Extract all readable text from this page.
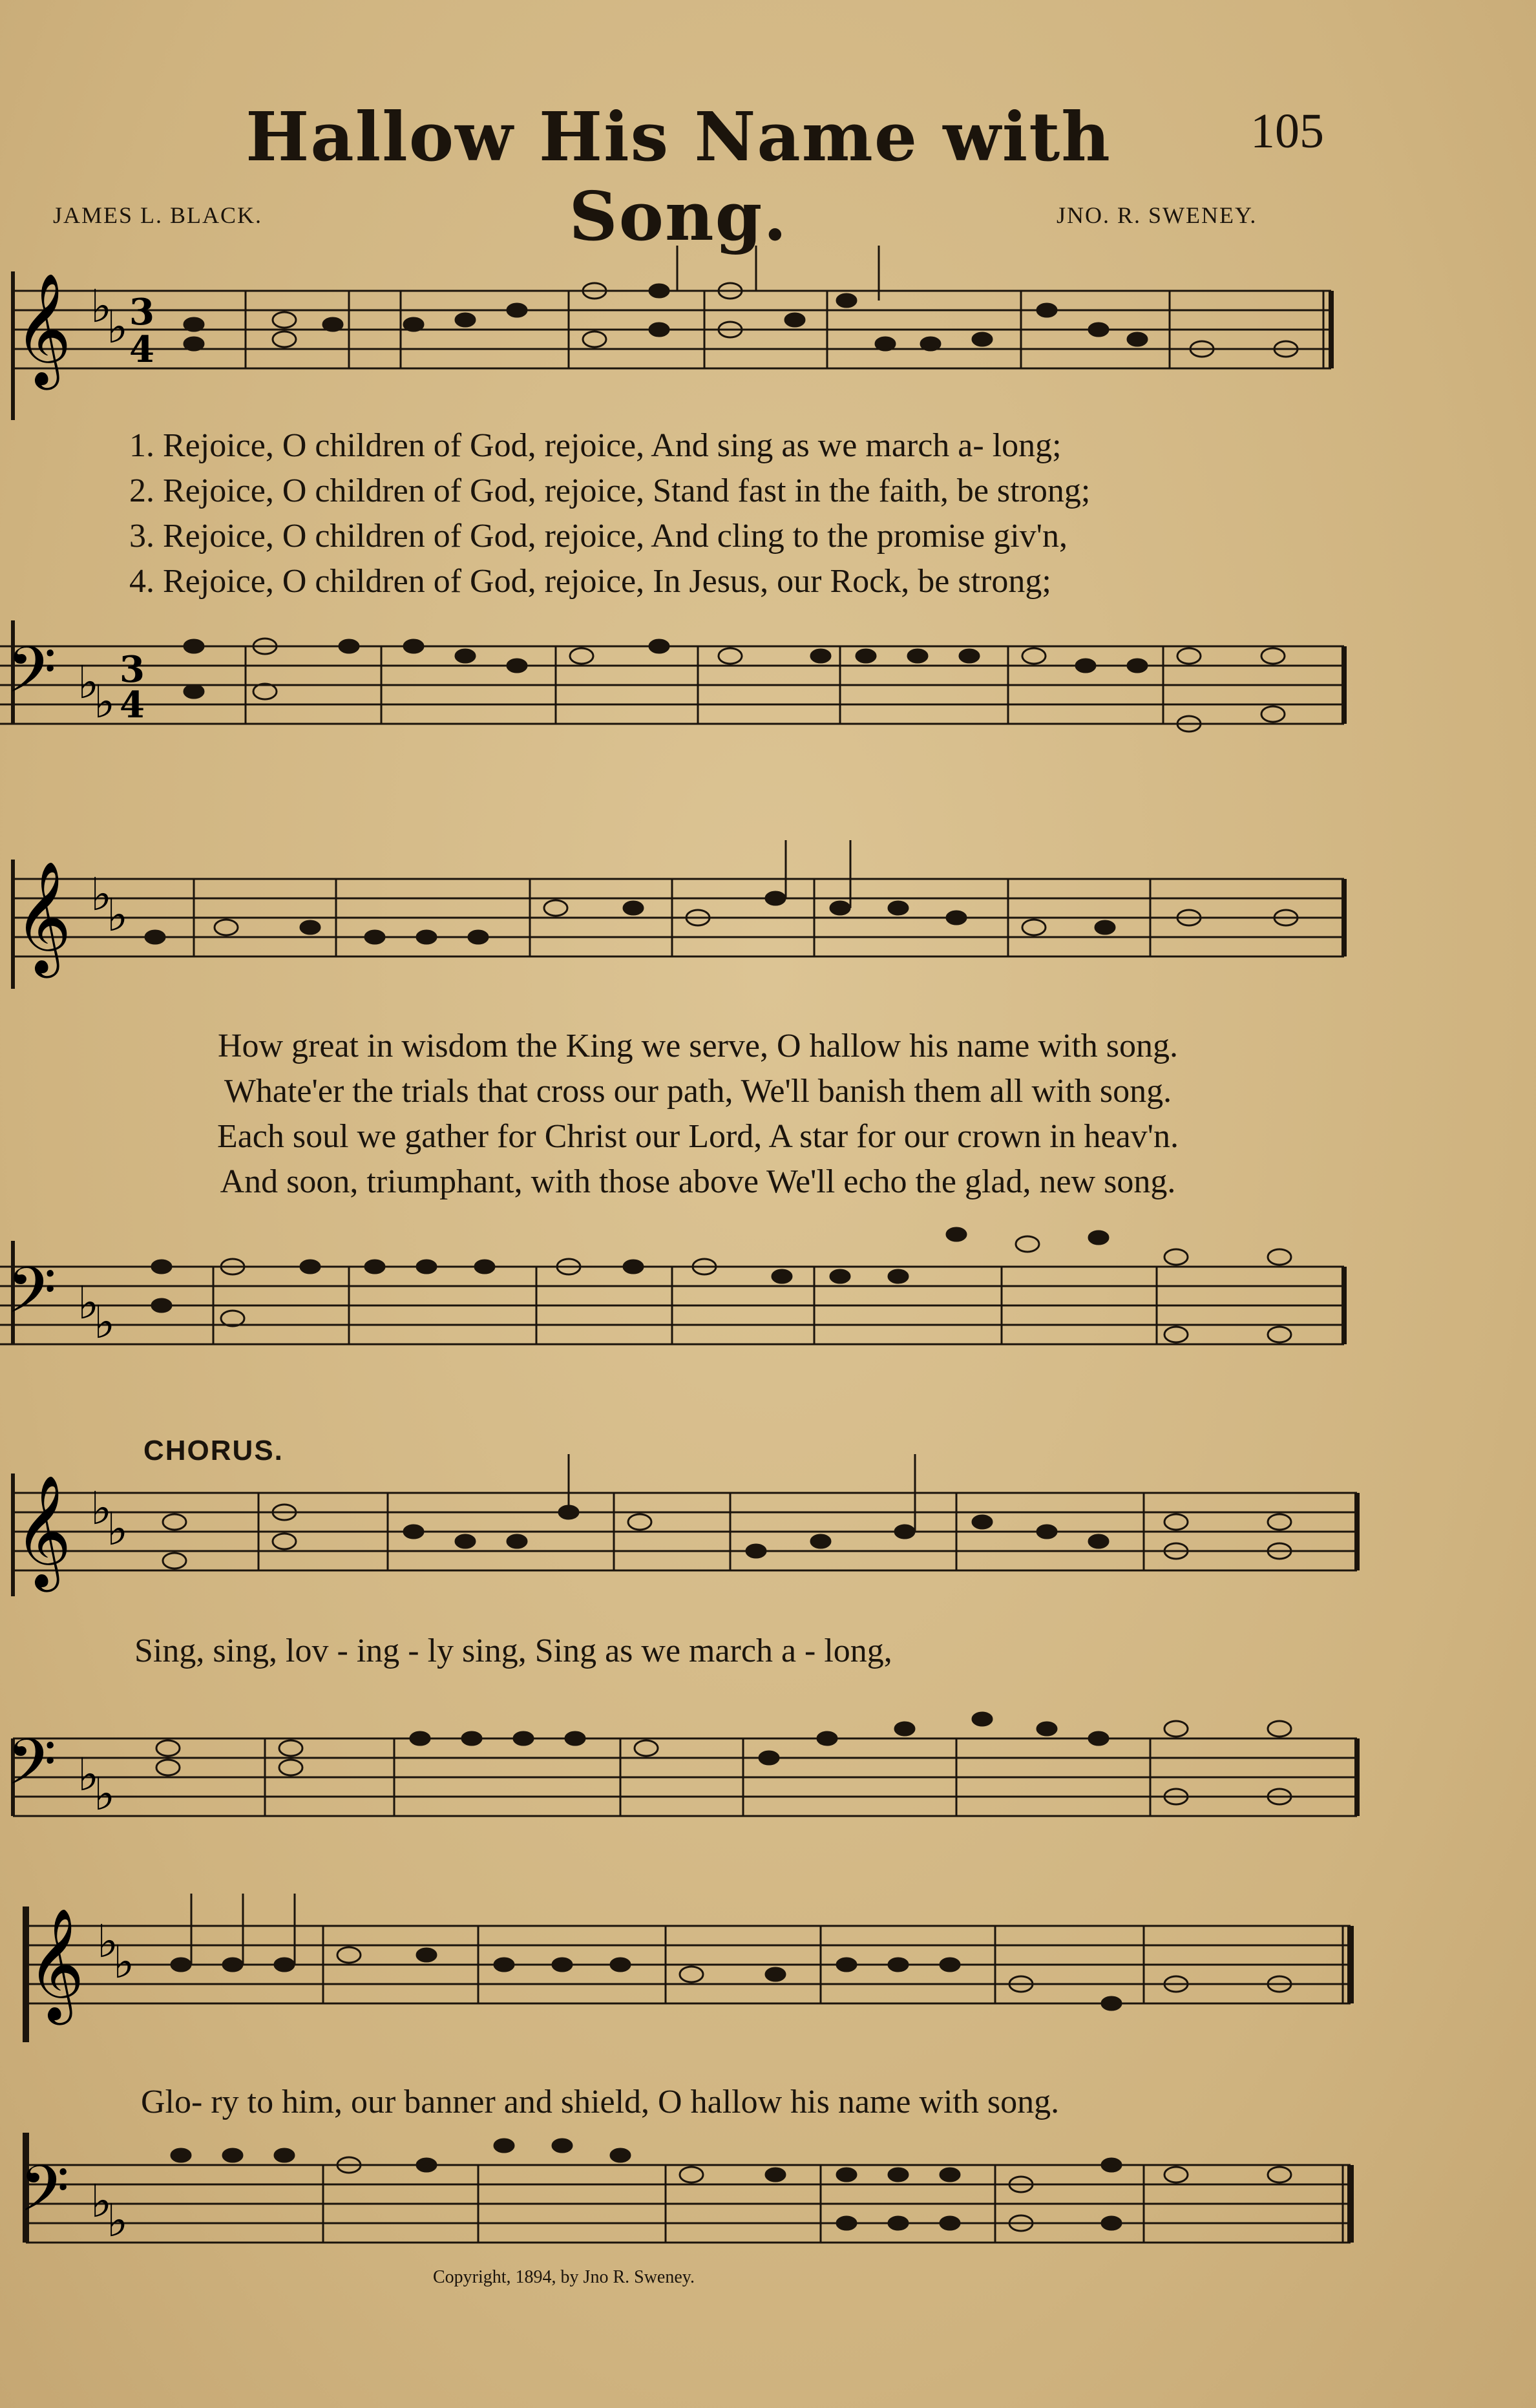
Hallow His Name with Song.
105
JAMES L. BLACK.	JNO. R. SWENEY.
𝄞 ♭
♭ 3
4
1. Rejoice, O children of God, rejoice, And sing as we march a- long;
2. Rejoice, O children of God, rejoice, Stand fast in the faith, be strong;
3. Rejoice, O children of God, rejoice, And cling to the promise giv'n,
4. Rejoice, O children of God, rejoice, In Jesus, our Rock, be strong;
𝄢 ♭
♭
3
4
𝄞 ♭
♭
How great in wisdom the King we serve, O hallow his name with song.
Whate'er the trials that cross our path, We'll banish them all with song.
Each soul we gather for Christ our Lord, A star for our crown in heav'n.
And soon, triumphant, with those above We'll echo the glad, new song.
𝄢 ♭
♭
CHORUS.
𝄞 ♭
♭
Sing, sing, lov - ing - ly sing, Sing as we march a - long,
𝄢 ♭
♭
𝄞 ♭
♭
Glo- ry to him, our banner and shield, O hallow his name with song.
𝄢 ♭
♭
Copyright, 1894, by Jno R. Sweney.
